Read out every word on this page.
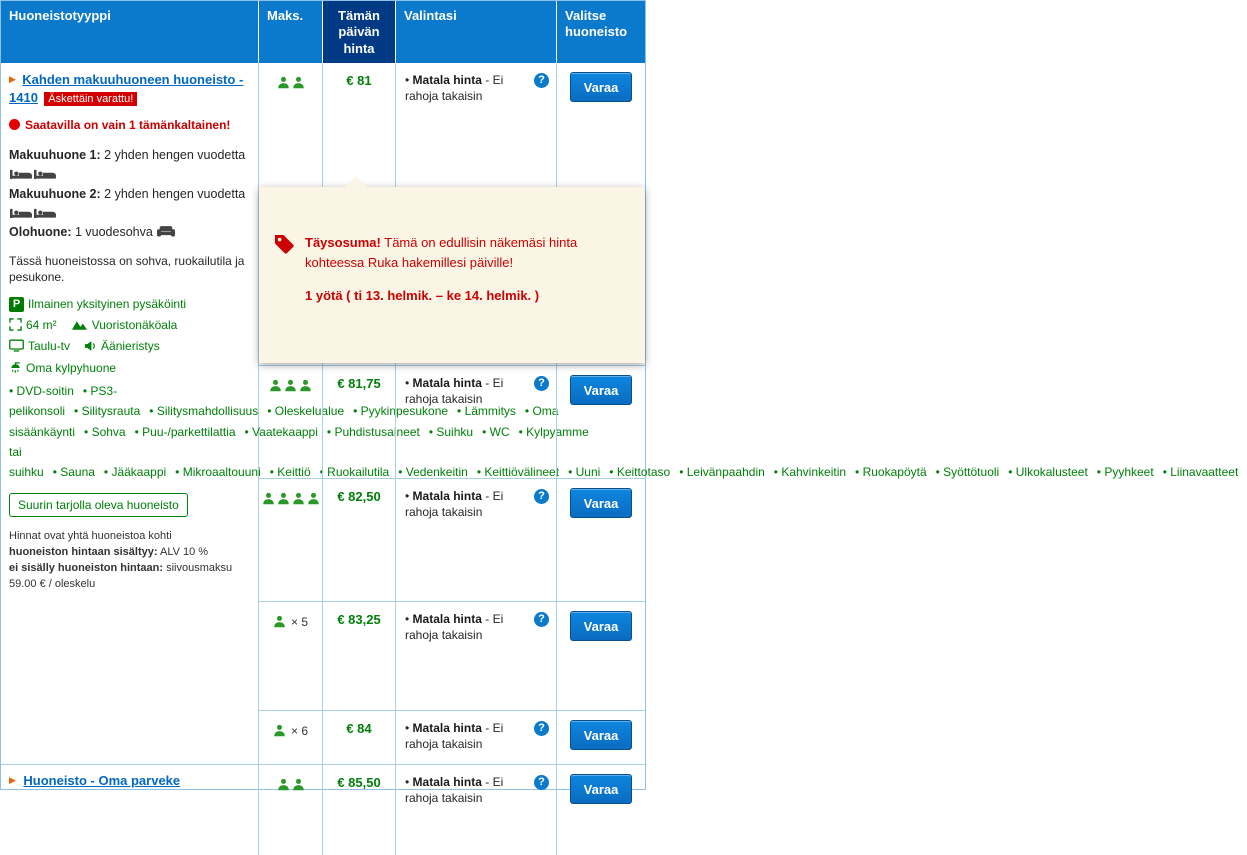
Huoneistotyyppi	Maks.	Tämän päivän hinta
Valintasi	Valitse huoneisto
▶ Kahden makuuhuoneen huoneisto - 1410 Äskettäin varattu!
Saatavilla on vain 1 tämänkaltainen!
Makuuhuone 1: 2 yhden hengen vuodetta
Makuuhuone 2: 2 yhden hengen vuodetta
Olohuone: 1 vuodesohva

Tässä huoneistossa on sohva, ruokailutila ja pesukone.

P Ilmainen yksityinen pysäköinti
64 m²	Vuoristonäköala
Taulu-tv	Äänieristys
Oma kylpyhuone
• DVD-soitin • PS3-pelikonsoli • Silitysrauta • Silitysmahdollisuus • Oleskelualue • Pyykinpesukone • Lämmitys • Oma sisäänkäynti • Sohva • Puu-/parkettilattia • Vaatekaappi • Puhdistusaineet • Suihku • WC • Kylpyamme tai suihku • Sauna • Jääkaappi • Mikroaaltouuni • Keittiö • Ruokailutila • Vedenkeitin • Keittiövälineet • Uuni • Keittotaso • Leivänpaahdin • Kahvinkeitin • Ruokapöytä • Syöttötuoli • Ulkokalusteet • Pyyhkeet • Liinavaatteet
Suurin tarjolla oleva huoneisto
Hinnat ovat yhtä huoneistoa kohti
huoneiston hintaan sisältyy: ALV 10 %
ei sisälly huoneiston hintaan: siivousmaksu 59.00 € / oleskelu
€ 81	• Matala hinta - Ei rahoja takaisin
?	Varaa
€ 81,75	• Matala hinta - Ei rahoja takaisin
?	Varaa
€ 82,50	• Matala hinta - Ei rahoja takaisin
?	Varaa
× 5	€ 83,25	• Matala hinta - Ei rahoja takaisin
?	Varaa
× 6	€ 84	• Matala hinta - Ei rahoja takaisin
?	Varaa
▶ Huoneisto - Oma parveke	€ 85,50	• Matala hinta - Ei rahoja takaisin
?	Varaa

Täysosuma! Tämä on edullisin näkemäsi hinta kohteessa Ruka hakemillesi päiville!

1 yötä ( ti 13. helmik. – ke 14. helmik. )
